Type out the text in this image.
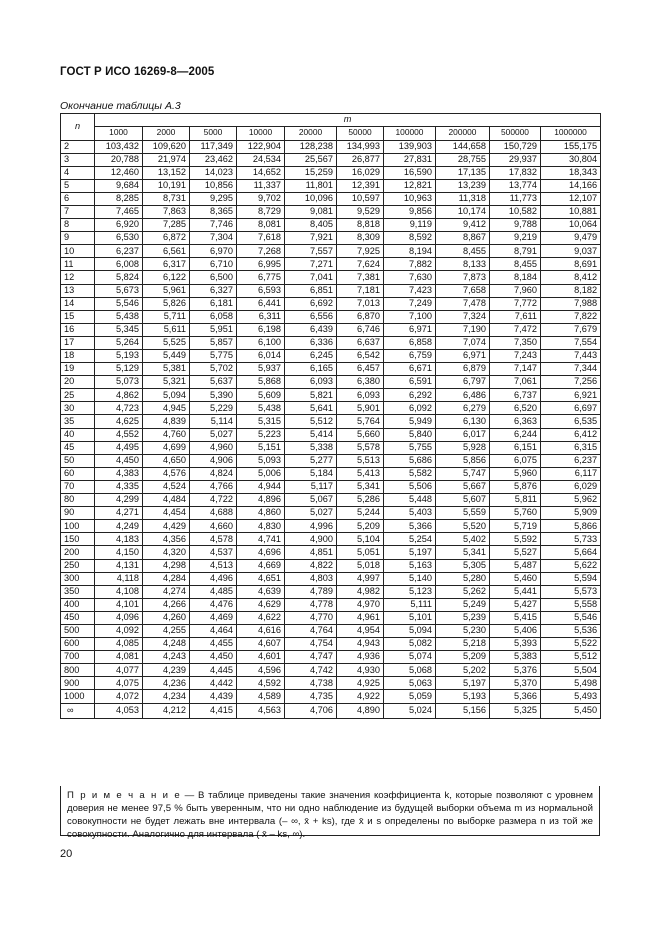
ГОСТ Р ИСО 16269-8—2005
Окончание таблицы А.3
n	m									
	1000	2000	5000	10000	20000	50000	100000	200000	500000	1000000
2	103,432	109,620	117,349	122,904	128,238	134,993	139,903	144,658	150,729	155,175
3	20,788	21,974	23,462	24,534	25,567	26,877	27,831	28,755	29,937	30,804
4	12,460	13,152	14,023	14,652	15,259	16,029	16,590	17,135	17,832	18,343
5	9,684	10,191	10,856	11,337	11,801	12,391	12,821	13,239	13,774	14,166
6	8,285	8,731	9,295	9,702	10,096	10,597	10,963	11,318	11,773	12,107
7	7,465	7,863	8,365	8,729	9,081	9,529	9,856	10,174	10,582	10,881
8	6,920	7,285	7,746	8,081	8,405	8,818	9,119	9,412	9,788	10,064
9	6,530	6,872	7,304	7,618	7,921	8,309	8,592	8,867	9,219	9,479
10	6,237	6,561	6,970	7,268	7,557	7,925	8,194	8,455	8,791	9,037
11	6,008	6,317	6,710	6,995	7,271	7,624	7,882	8,133	8,455	8,691
12	5,824	6,122	6,500	6,775	7,041	7,381	7,630	7,873	8,184	8,412
13	5,673	5,961	6,327	6,593	6,851	7,181	7,423	7,658	7,960	8,182
14	5,546	5,826	6,181	6,441	6,692	7,013	7,249	7,478	7,772	7,988
15	5,438	5,711	6,058	6,311	6,556	6,870	7,100	7,324	7,611	7,822
16	5,345	5,611	5,951	6,198	6,439	6,746	6,971	7,190	7,472	7,679
17	5,264	5,525	5,857	6,100	6,336	6,637	6,858	7,074	7,350	7,554
18	5,193	5,449	5,775	6,014	6,245	6,542	6,759	6,971	7,243	7,443
19	5,129	5,381	5,702	5,937	6,165	6,457	6,671	6,879	7,147	7,344
20	5,073	5,321	5,637	5,868	6,093	6,380	6,591	6,797	7,061	7,256
25	4,862	5,094	5,390	5,609	5,821	6,093	6,292	6,486	6,737	6,921
30	4,723	4,945	5,229	5,438	5,641	5,901	6,092	6,279	6,520	6,697
35	4,625	4,839	5,114	5,315	5,512	5,764	5,949	6,130	6,363	6,535
40	4,552	4,760	5,027	5,223	5,414	5,660	5,840	6,017	6,244	6,412
45	4,495	4,699	4,960	5,151	5,338	5,578	5,755	5,928	6,151	6,315
50	4,450	4,650	4,906	5,093	5,277	5,513	5,686	5,856	6,075	6,237
60	4,383	4,576	4,824	5,006	5,184	5,413	5,582	5,747	5,960	6,117
70	4,335	4,524	4,766	4,944	5,117	5,341	5,506	5,667	5,876	6,029
80	4,299	4,484	4,722	4,896	5,067	5,286	5,448	5,607	5,811	5,962
90	4,271	4,454	4,688	4,860	5,027	5,244	5,403	5,559	5,760	5,909
100	4,249	4,429	4,660	4,830	4,996	5,209	5,366	5,520	5,719	5,866
150	4,183	4,356	4,578	4,741	4,900	5,104	5,254	5,402	5,592	5,733
200	4,150	4,320	4,537	4,696	4,851	5,051	5,197	5,341	5,527	5,664
250	4,131	4,298	4,513	4,669	4,822	5,018	5,163	5,305	5,487	5,622
300	4,118	4,284	4,496	4,651	4,803	4,997	5,140	5,280	5,460	5,594
350	4,108	4,274	4,485	4,639	4,789	4,982	5,123	5,262	5,441	5,573
400	4,101	4,266	4,476	4,629	4,778	4,970	5,111	5,249	5,427	5,558
450	4,096	4,260	4,469	4,622	4,770	4,961	5,101	5,239	5,415	5,546
500	4,092	4,255	4,464	4,616	4,764	4,954	5,094	5,230	5,406	5,536
600	4,085	4,248	4,455	4,607	4,754	4,943	5,082	5,218	5,393	5,522
700	4,081	4,243	4,450	4,601	4,747	4,936	5,074	5,209	5,383	5,512
800	4,077	4,239	4,445	4,596	4,742	4,930	5,068	5,202	5,376	5,504
900	4,075	4,236	4,442	4,592	4,738	4,925	5,063	5,197	5,370	5,498
1000	4,072	4,234	4,439	4,589	4,735	4,922	5,059	5,193	5,366	5,493
∞	4,053	4,212	4,415	4,563	4,706	4,890	5,024	5,156	5,325	5,450
П р и м е ч а н и е — В таблице приведены такие значения коэффициента k, которые позволяют с уровнем доверия не менее 97,5 % быть уверенным, что ни одно наблюдение из будущей выборки объема m из нормальной совокупности не будет лежать вне интервала (– ∞, x̄ + ks), где x̄ и s определены по выборке размера n из той же совокупности. Аналогично для интервала ( x̄ – ks, ∞).
20
